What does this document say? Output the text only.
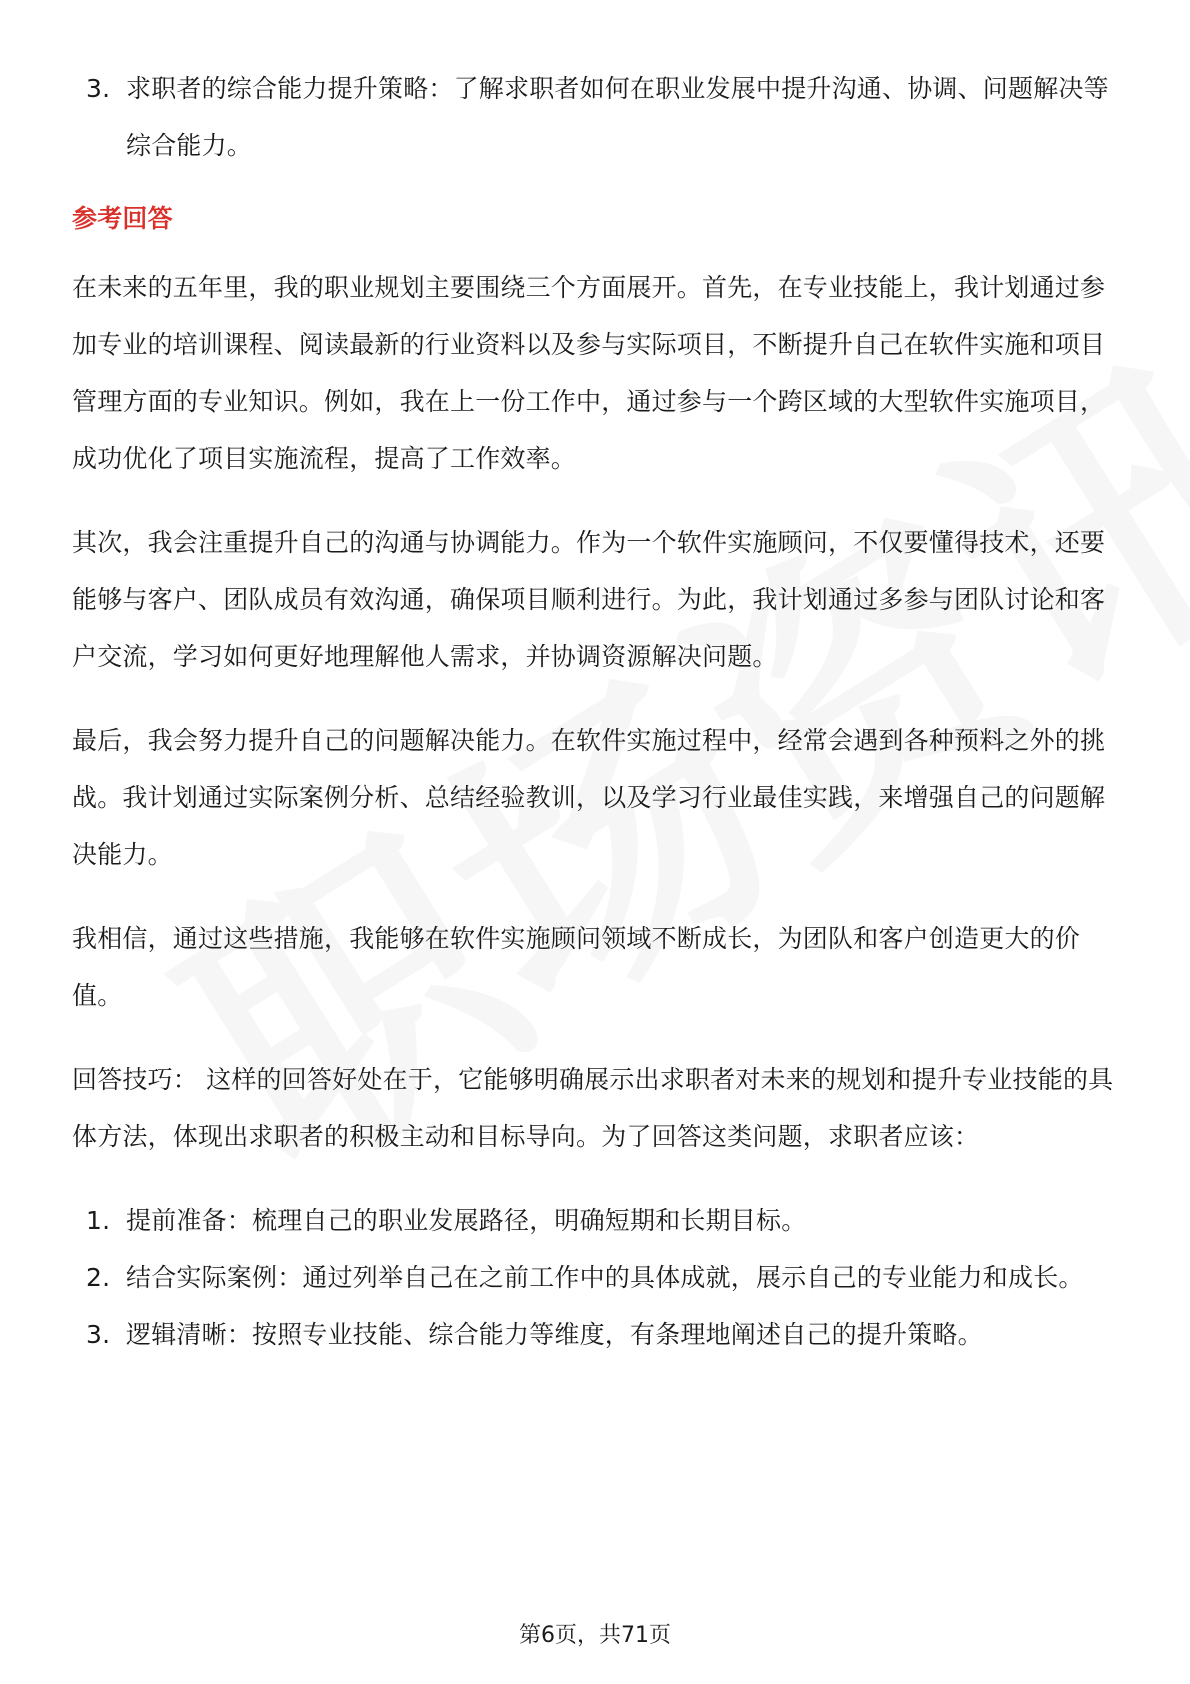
3. 求职者的综合能力提升策略：了解求职者如何在职业发展中提升沟通、协调、问题解决等综合能力。
参考回答

在未来的五年里，我的职业规划主要围绕三个方面展开。首先，在专业技能上，我计划通过参加专业的培训课程、阅读最新的行业资料以及参与实际项目，不断提升自己在软件实施和项目管理方面的专业知识。例如，我在上一份工作中，通过参与一个跨区域的大型软件实施项目，成功优化了项目实施流程，提高了工作效率。

其次，我会注重提升自己的沟通与协调能力。作为一个软件实施顾问，不仅要懂得技术，还要能够与客户、团队成员有效沟通，确保项目顺利进行。为此，我计划通过多参与团队讨论和客户交流，学习如何更好地理解他人需求，并协调资源解决问题。

最后，我会努力提升自己的问题解决能力。在软件实施过程中，经常会遇到各种预料之外的挑战。我计划通过实际案例分析、总结经验教训，以及学习行业最佳实践，来增强自己的问题解决能力。

我相信，通过这些措施，我能够在软件实施顾问领域不断成长，为团队和客户创造更大的价值。

回答技巧： 这样的回答好处在于，它能够明确展示出求职者对未来的规划和提升专业技能的具体方法，体现出求职者的积极主动和目标导向。为了回答这类问题，求职者应该：

1. 提前准备：梳理自己的职业发展路径，明确短期和长期目标。
2. 结合实际案例：通过列举自己在之前工作中的具体成就，展示自己的专业能力和成长。
3. 逻辑清晰：按照专业技能、综合能力等维度，有条理地阐述自己的提升策略。
第6页，共71页
